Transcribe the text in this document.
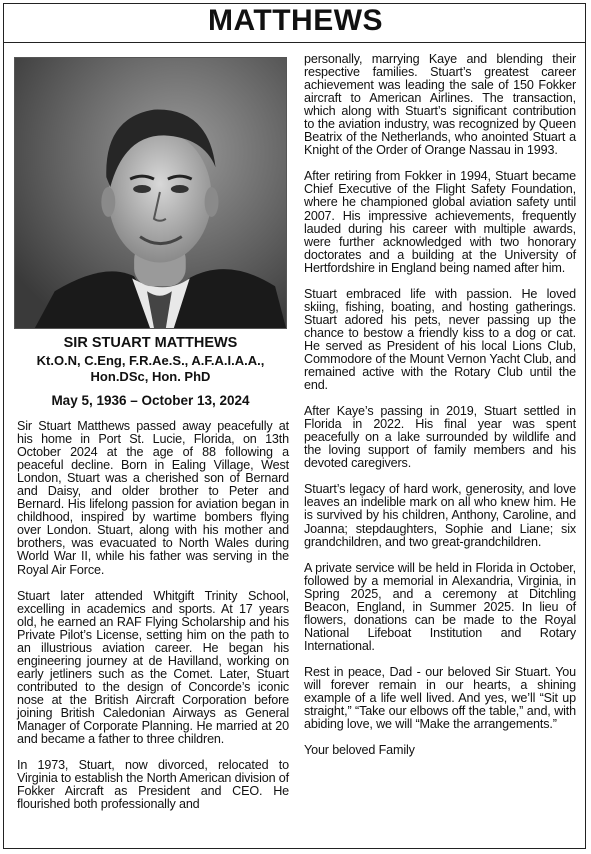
MATTHEWS
SIR STUART MATTHEWS
Kt.O.N, C.Eng, F.R.Ae.S., A.F.A.I.A.A.,
Hon.DSc, Hon. PhD
May 5, 1936 – October 13, 2024

Sir Stuart Matthews passed away peacefully at his home in Port St. Lucie, Florida, on 13th October 2024 at the age of 88 following a peaceful decline. Born in Ealing Village, West London, Stuart was a cherished son of Bernard and Daisy, and older brother to Peter and Bernard. His lifelong passion for aviation began in childhood, inspired by wartime bombers flying over London. Stuart, along with his mother and brothers, was evacuated to North Wales during World War II, while his father was serving in the Royal Air Force.

Stuart later attended Whitgift Trinity School, excelling in academics and sports. At 17 years old, he earned an RAF Flying Scholarship and his Private Pilot’s License, setting him on the path to an illustrious aviation career. He began his engineering journey at de Havilland, working on early jetliners such as the Comet. Later, Stuart contributed to the design of Concorde’s iconic nose at the British Aircraft Corporation before joining British Caledonian Airways as General Manager of Corporate Planning. He married at 20 and became a father to three children.

In 1973, Stuart, now divorced, relocated to Virginia to establish the North American division of Fokker Aircraft as President and CEO. He flourished both professionally and

personally, marrying Kaye and blending their respective families. Stuart’s greatest career achievement was leading the sale of 150 Fokker aircraft to American Airlines. The transaction, which along with Stuart’s significant contribution to the aviation industry, was recognized by Queen Beatrix of the Netherlands, who anointed Stuart a Knight of the Order of Orange Nassau in 1993.

After retiring from Fokker in 1994, Stuart became Chief Executive of the Flight Safety Foundation, where he championed global aviation safety until 2007. His impressive achievements, frequently lauded during his career with multiple awards, were further acknowledged with two honorary doctorates and a building at the University of Hertfordshire in England being named after him.

Stuart embraced life with passion. He loved skiing, fishing, boating, and hosting gatherings. Stuart adored his pets, never passing up the chance to bestow a friendly kiss to a dog or cat. He served as President of his local Lions Club, Commodore of the Mount Vernon Yacht Club, and remained active with the Rotary Club until the end.

After Kaye’s passing in 2019, Stuart settled in Florida in 2022. His final year was spent peacefully on a lake surrounded by wildlife and the loving support of family members and his devoted caregivers.

Stuart’s legacy of hard work, generosity, and love leaves an indelible mark on all who knew him. He is survived by his children, Anthony, Caroline, and Joanna; stepdaughters, Sophie and Liane; six grandchildren, and two great-grandchildren.

A private service will be held in Florida in October, followed by a memorial in Alexandria, Virginia, in Spring 2025, and a ceremony at Ditchling Beacon, England, in Summer 2025. In lieu of flowers, donations can be made to the Royal National Lifeboat Institution and Rotary International.

Rest in peace, Dad - our beloved Sir Stuart. You will forever remain in our hearts, a shining example of a life well lived. And yes, we’ll “Sit up straight,” “Take our elbows off the table,” and, with abiding love, we will “Make the arrangements.”

Your beloved Family
